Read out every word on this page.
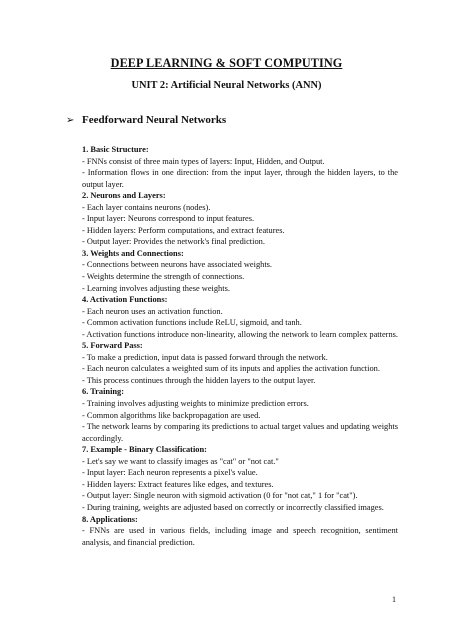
DEEP LEARNING & SOFT COMPUTING
UNIT 2: Artificial Neural Networks (ANN)
➢ Feedforward Neural Networks

1. Basic Structure:

- FNNs consist of three main types of layers: Input, Hidden, and Output.

- Information flows in one direction: from the input layer, through the hidden layers, to the output layer.

2. Neurons and Layers:

- Each layer contains neurons (nodes).

- Input layer: Neurons correspond to input features.

- Hidden layers: Perform computations, and extract features.

- Output layer: Provides the network's final prediction.

3. Weights and Connections:

- Connections between neurons have associated weights.

- Weights determine the strength of connections.

- Learning involves adjusting these weights.

4. Activation Functions:

- Each neuron uses an activation function.

- Common activation functions include ReLU, sigmoid, and tanh.

- Activation functions introduce non-linearity, allowing the network to learn complex patterns.

5. Forward Pass:

- To make a prediction, input data is passed forward through the network.

- Each neuron calculates a weighted sum of its inputs and applies the activation function.

- This process continues through the hidden layers to the output layer.

6. Training:

- Training involves adjusting weights to minimize prediction errors.

- Common algorithms like backpropagation are used.

- The network learns by comparing its predictions to actual target values and updating weights accordingly.

7. Example - Binary Classification:

- Let's say we want to classify images as "cat" or "not cat."

- Input layer: Each neuron represents a pixel's value.

- Hidden layers: Extract features like edges, and textures.

- Output layer: Single neuron with sigmoid activation (0 for "not cat," 1 for "cat").

- During training, weights are adjusted based on correctly or incorrectly classified images.

8. Applications:

- FNNs are used in various fields, including image and speech recognition, sentiment analysis, and financial prediction.

1
